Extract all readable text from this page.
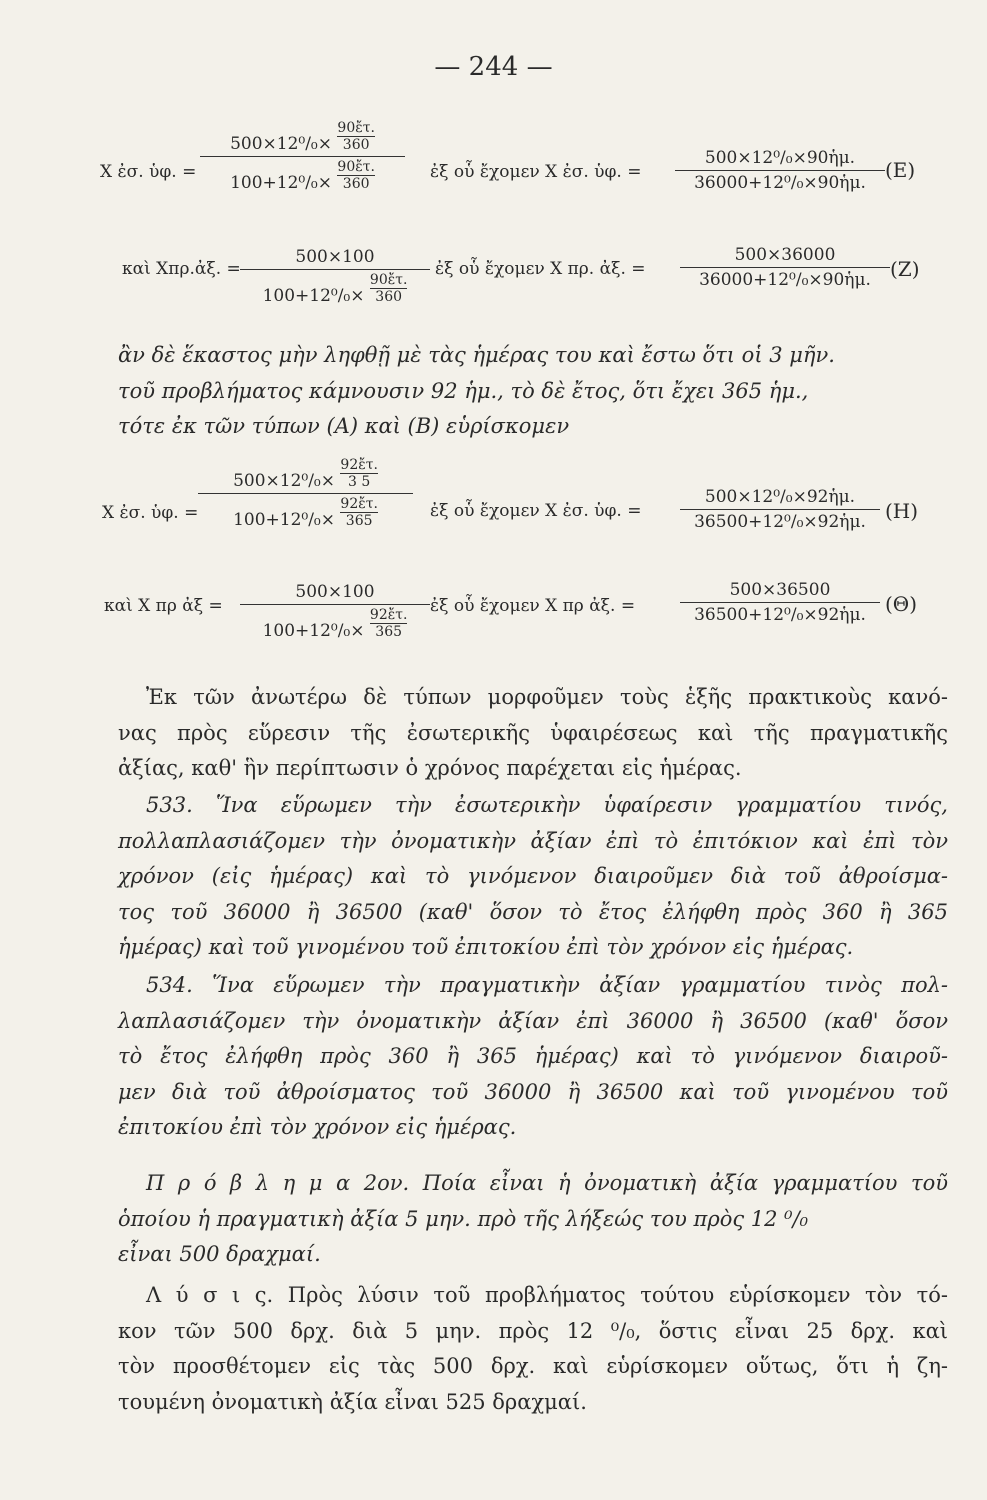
— 244 —
X ἐσ. ὑφ. =
$500\times 12^0/_0\times \frac{\text{90ἔτ.}}{360}$
$100+12^0/_0\times \frac{\text{90ἔτ.}}{360}$	ἐξ οὗ ἔχομεν X ἐσ. ὑφ. =
500×12⁰/₀×90ἡμ.
36000+12⁰/₀×90ἡμ.
(E)
καὶ Xπρ.ἀξ. =
500×100
$100+12^0/_0\times \frac{\text{90ἔτ.}}{360}$
ἐξ οὗ ἔχομεν X πρ. ἀξ. =
500×36000
36000+12⁰/₀×90ἡμ. (Z)
ἂν δὲ ἕκαστος μὴν ληφθῇ μὲ τὰς ἡμέρας του καὶ ἔστω ὅτι οἱ 3 μῆν.
τοῦ προβλήματος κάμνουσιν 92 ἡμ., τὸ δὲ ἔτος, ὅτι ἔχει 365 ἡμ.,
τότε ἐκ τῶν τύπων (A) καὶ (B) εὑρίσκομεν
X ἐσ. ὑφ. =
$500\times 12^0/_0\times \frac{\text{92ἔτ.}}{3 5}$
$100+12^0/_0\times \frac{\text{92ἔτ.}}{365}$	ἐξ οὗ ἔχομεν X ἐσ. ὑφ. =
500×12⁰/₀×92ἡμ.
36500+12⁰/₀×92ἡμ. (H)
καὶ X πρ ἀξ =
500×100
$100+12^0/_0\times \frac{\text{92ἔτ.}}{365}$
ἐξ οὗ ἔχομεν X πρ ἀξ. =
500×36500
36500+12⁰/₀×92ἡμ. (Θ)
Ἐκ τῶν ἀνωτέρω δὲ τύπων μορφοῦμεν τοὺς ἑξῆς πρακτικοὺς κανό-
νας πρὸς εὕρεσιν τῆς ἐσωτερικῆς ὑφαιρέσεως καὶ τῆς πραγματικῆς
ἀξίας, καθ' ἣν περίπτωσιν ὁ χρόνος παρέχεται εἰς ἡμέρας.
533. Ἵνα εὕρωμεν τὴν ἐσωτερικὴν ὑφαίρεσιν γραμματίου τινός,
πολλαπλασιάζομεν τὴν ὀνοματικὴν ἀξίαν ἐπὶ τὸ ἐπιτόκιον καὶ ἐπὶ τὸν
χρόνον (εἰς ἡμέρας) καὶ τὸ γινόμενον διαιροῦμεν διὰ τοῦ ἀθροίσμα-
τος τοῦ 36000 ἢ 36500 (καθ' ὅσον τὸ ἔτος ἐλήφθη πρὸς 360 ἢ 365
ἡμέρας) καὶ τοῦ γινομένου τοῦ ἐπιτοκίου ἐπὶ τὸν χρόνον εἰς ἡμέρας.
534. Ἵνα εὕρωμεν τὴν πραγματικὴν ἀξίαν γραμματίου τινὸς πολ-
λαπλασιάζομεν τὴν ὀνοματικὴν ἀξίαν ἐπὶ 36000 ἢ 36500 (καθ' ὅσον
τὸ ἔτος ἐλήφθη πρὸς 360 ἢ 365 ἡμέρας) καὶ τὸ γινόμενον διαιροῦ-
μεν διὰ τοῦ ἀθροίσματος τοῦ 36000 ἢ 36500 καὶ τοῦ γινομένου τοῦ
ἐπιτοκίου ἐπὶ τὸν χρόνον εἰς ἡμέρας.
Π ρ ό β λ η μ α 2ον. Ποία εἶναι ἡ ὀνοματικὴ ἀξία γραμματίου τοῦ
ὁποίου ἡ πραγματικὴ ἀξία 5 μην. πρὸ τῆς λήξεώς του πρὸς 12 ⁰/₀
εἶναι 500 δραχμαί.
Λ ύ σ ι ς. Πρὸς λύσιν τοῦ προβλήματος τούτου εὑρίσκομεν τὸν τό-
κον τῶν 500 δρχ. διὰ 5 μην. πρὸς 12 ⁰/₀, ὅστις εἶναι 25 δρχ. καὶ
τὸν προσθέτομεν εἰς τὰς 500 δρχ. καὶ εὑρίσκομεν οὕτως, ὅτι ἡ ζη-
τουμένη ὀνοματικὴ ἀξία εἶναι 525 δραχμαί.
